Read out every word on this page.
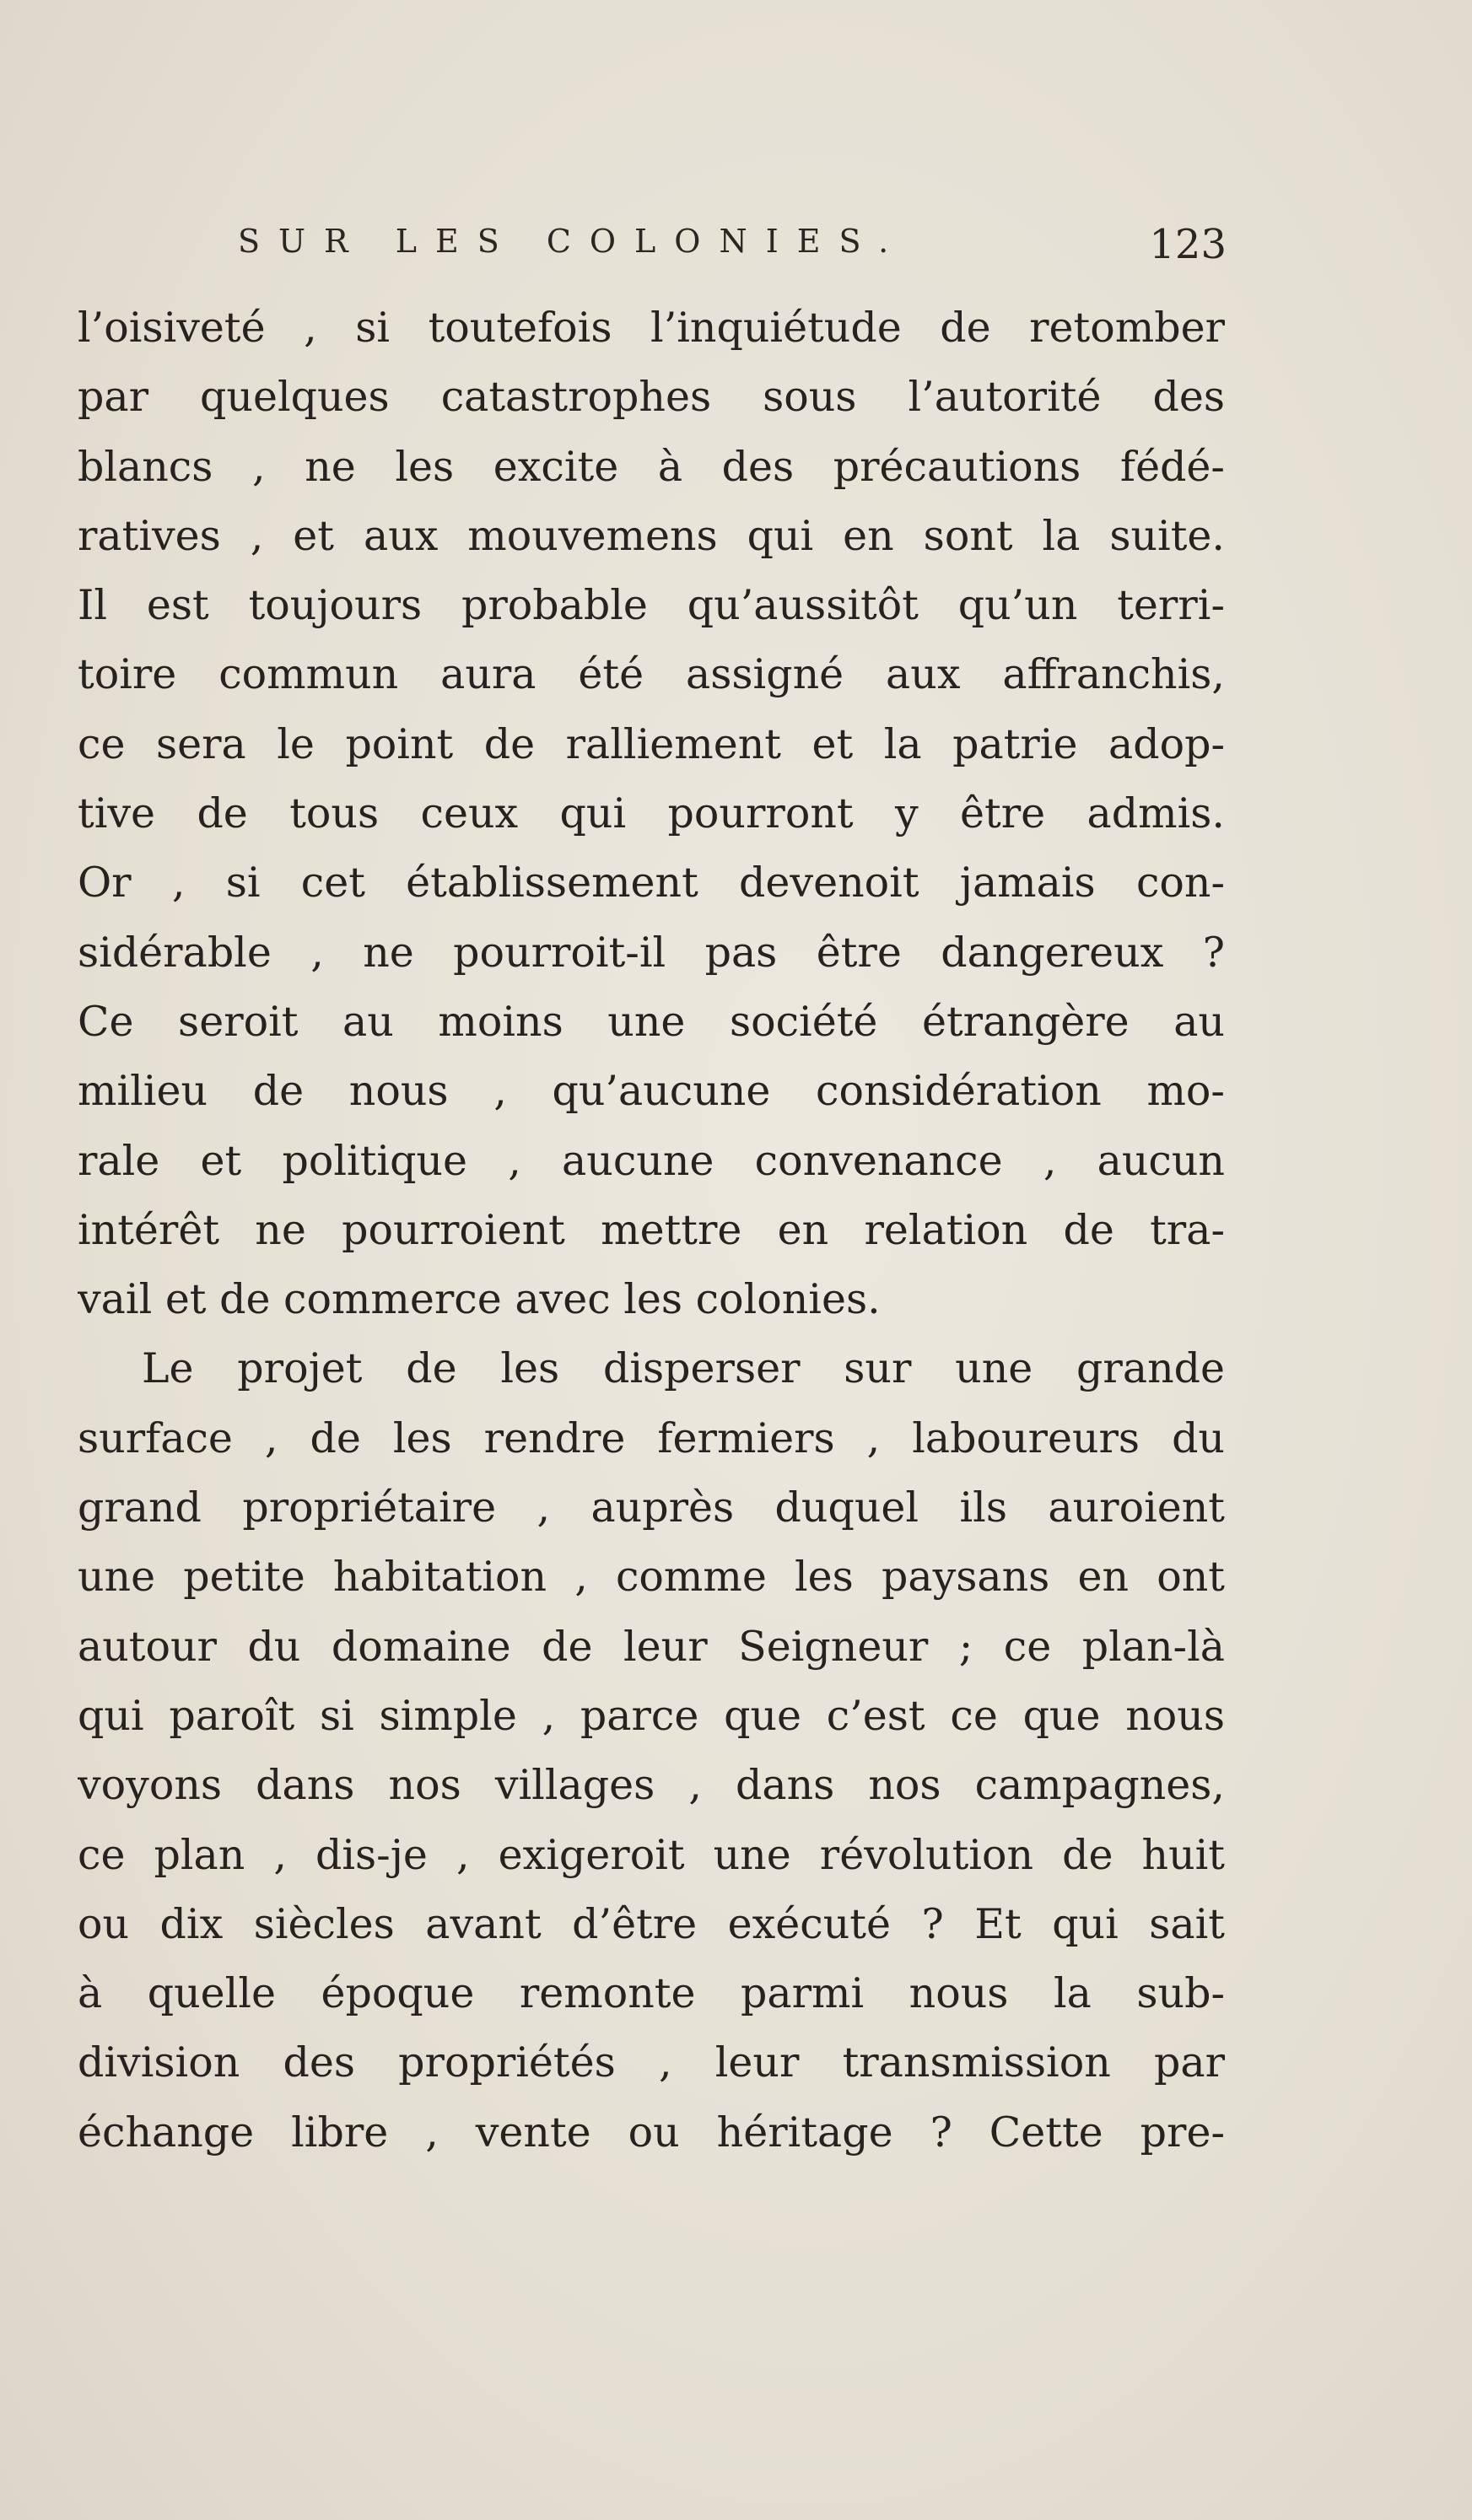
SUR LES COLONIES.	123
l’oisiveté , si toutefois l’inquiétude de retomber
par quelques catastrophes sous l’autorité des
blancs , ne les excite à des précautions fédé-
ratives , et aux mouvemens qui en sont la suite.
Il est toujours probable qu’aussitôt qu’un terri-
toire commun aura été assigné aux affranchis,
ce sera le point de ralliement et la patrie adop-
tive de tous ceux qui pourront y être admis.
Or , si cet établissement devenoit jamais con-
sidérable , ne pourroit-il pas être dangereux ?
Ce seroit au moins une société étrangère au
milieu de nous , qu’aucune considération mo-
rale et politique , aucune convenance , aucun
intérêt ne pourroient mettre en relation de tra-
vail et de commerce avec les colonies.
Le projet de les disperser sur une grande
surface , de les rendre fermiers , laboureurs du
grand propriétaire , auprès duquel ils auroient
une petite habitation , comme les paysans en ont
autour du domaine de leur Seigneur ; ce plan-là
qui paroît si simple , parce que c’est ce que nous
voyons dans nos villages , dans nos campagnes,
ce plan , dis-je , exigeroit une révolution de huit
ou dix siècles avant d’être exécuté ? Et qui sait
à quelle époque remonte parmi nous la sub-
division des propriétés , leur transmission par
échange libre , vente ou héritage ? Cette pre-
